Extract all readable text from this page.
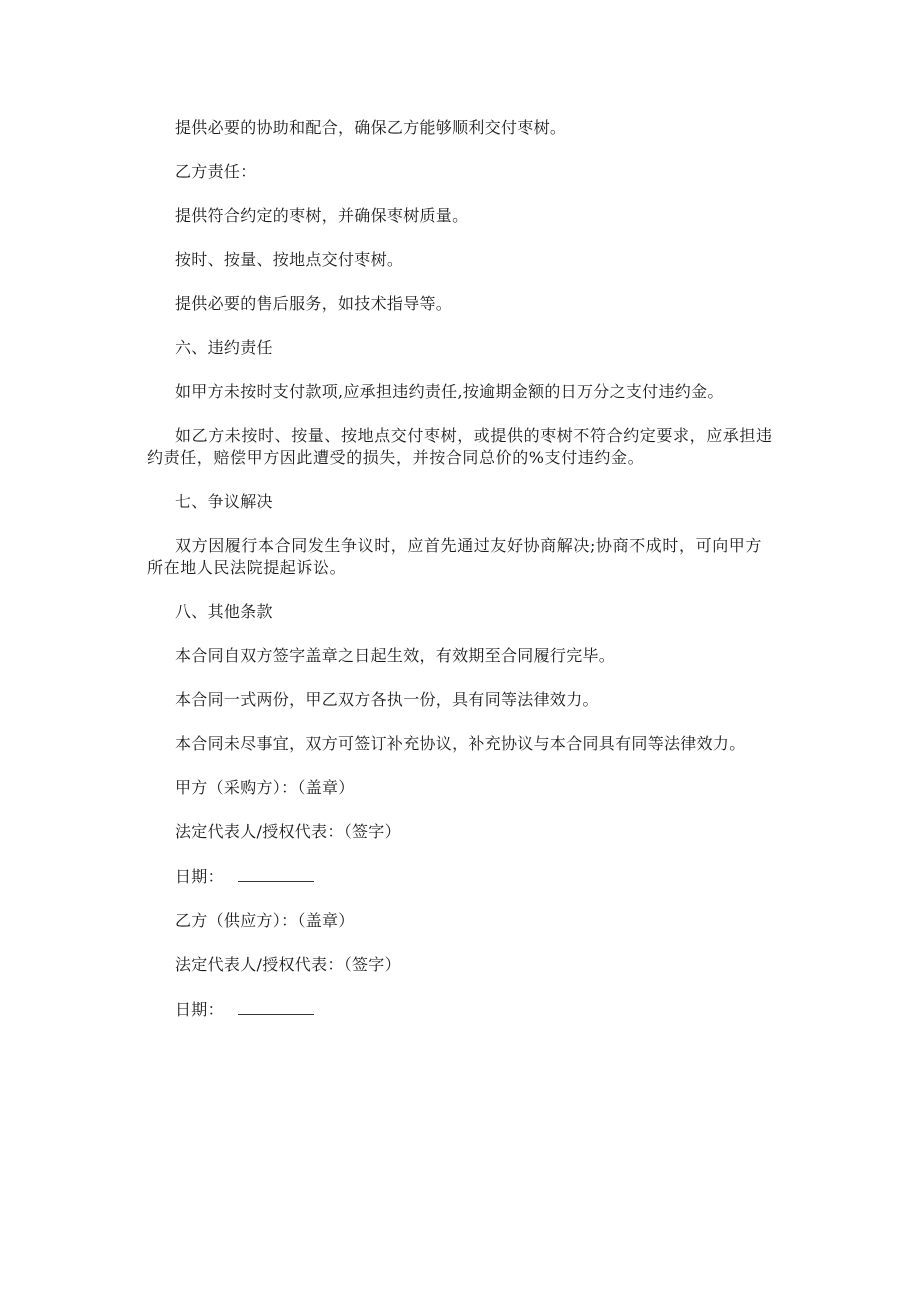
提供必要的协助和配合，确保乙方能够顺利交付枣树。

乙方责任：

提供符合约定的枣树，并确保枣树质量。

按时、按量、按地点交付枣树。

提供必要的售后服务，如技术指导等。

六、违约责任

如甲方未按时支付款项,应承担违约责任,按逾期金额的日万分之支付违约金。

如乙方未按时、按量、按地点交付枣树，或提供的枣树不符合约定要求，应承担违
约责任，赔偿甲方因此遭受的损失，并按合同总价的%支付违约金。

七、争议解决

双方因履行本合同发生争议时，应首先通过友好协商解决;协商不成时，可向甲方
所在地人民法院提起诉讼。

八、其他条款

本合同自双方签字盖章之日起生效，有效期至合同履行完毕。

本合同一式两份，甲乙双方各执一份，具有同等法律效力。

本合同未尽事宜，双方可签订补充协议，补充协议与本合同具有同等法律效力。

甲方（采购方）：（盖章）

法定代表人/授权代表：（签字）

日期：

乙方（供应方）：（盖章）

法定代表人/授权代表：（签字）

日期：
